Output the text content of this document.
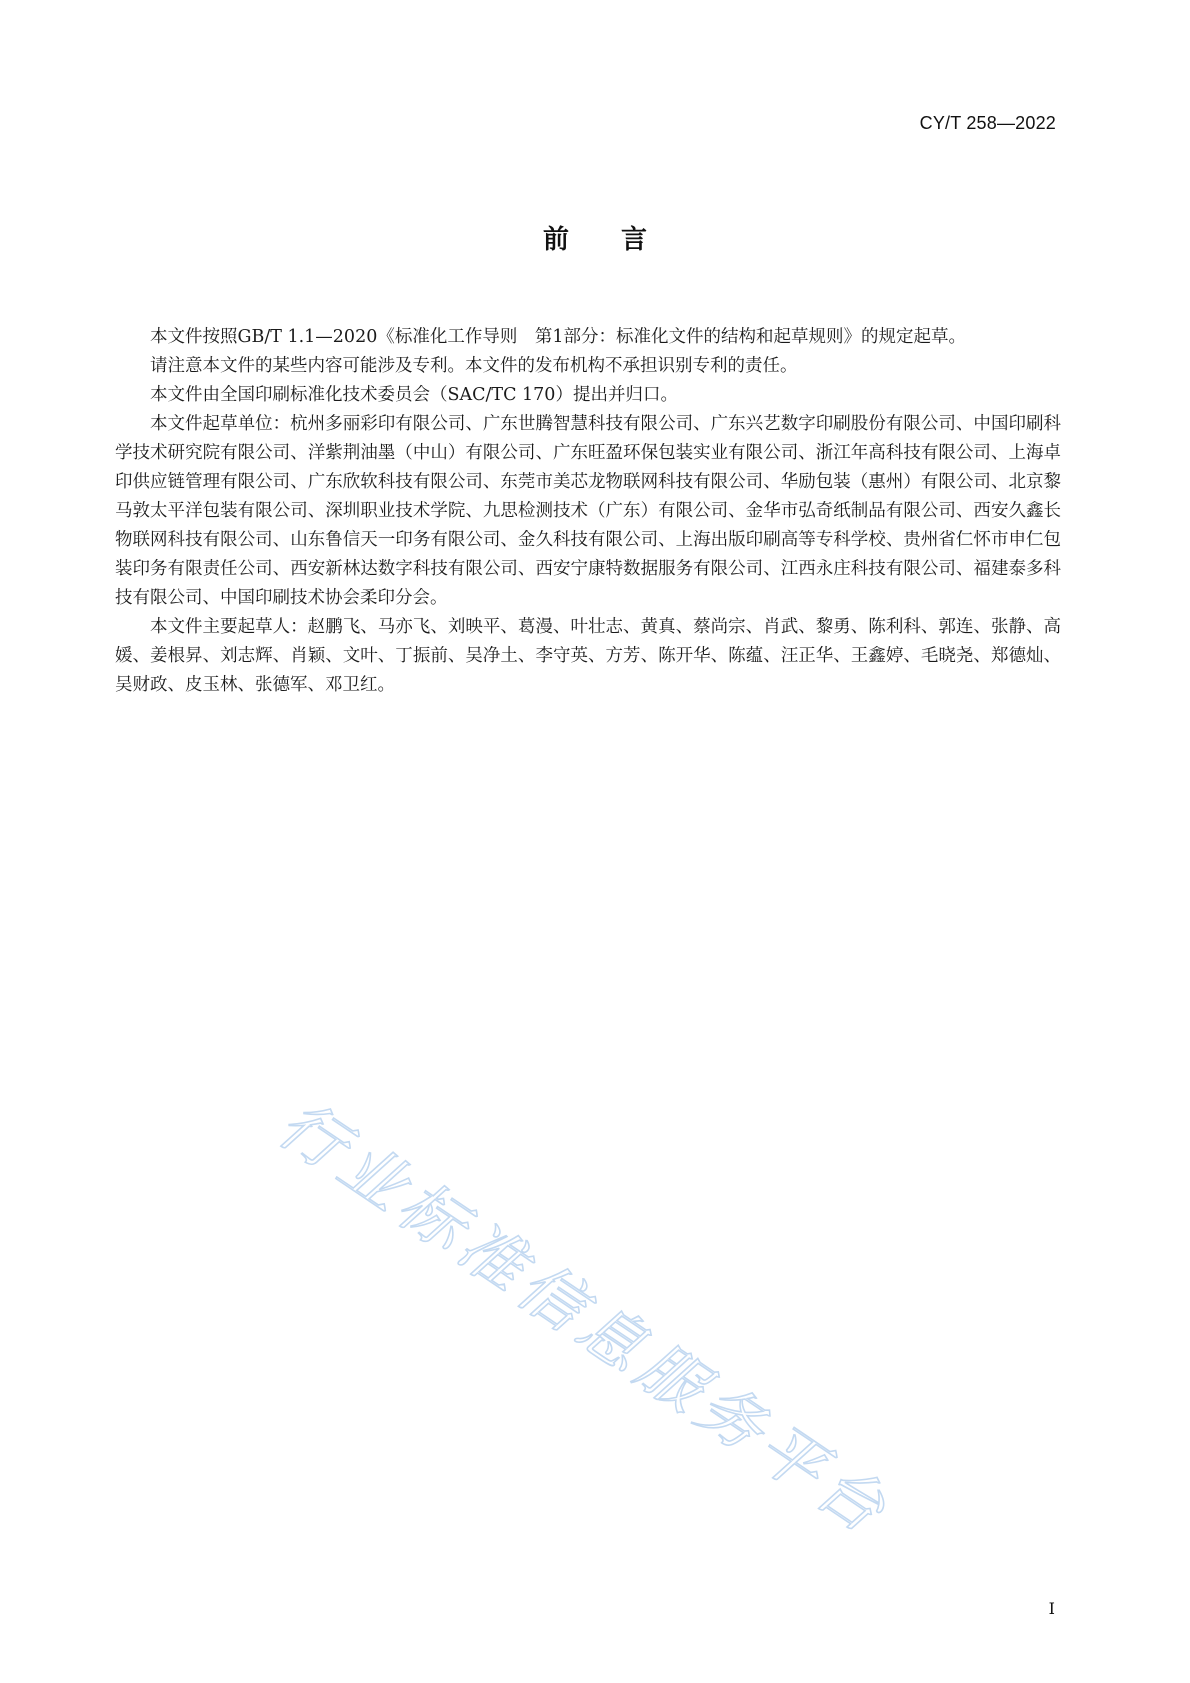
CY/T 258—2022
前言

本文件按照GB/T 1.1—2020《标准化工作导则　第1部分：标准化文件的结构和起草规则》的规定起草。

请注意本文件的某些内容可能涉及专利。本文件的发布机构不承担识别专利的责任。

本文件由全国印刷标准化技术委员会（SAC/TC 170）提出并归口。

本文件起草单位：杭州多丽彩印有限公司、广东世腾智慧科技有限公司、广东兴艺数字印刷股份有限公司、中国印刷科学技术研究院有限公司、洋紫荆油墨（中山）有限公司、广东旺盈环保包装实业有限公司、浙江年高科技有限公司、上海卓印供应链管理有限公司、广东欣软科技有限公司、东莞市美芯龙物联网科技有限公司、华励包装（惠州）有限公司、北京黎马敦太平洋包装有限公司、深圳职业技术学院、九思检测技术（广东）有限公司、金华市弘奇纸制品有限公司、西安久鑫长物联网科技有限公司、山东鲁信天一印务有限公司、金久科技有限公司、上海出版印刷高等专科学校、贵州省仁怀市申仁包装印务有限责任公司、西安新林达数字科技有限公司、西安宁康特数据服务有限公司、江西永庄科技有限公司、福建泰多科技有限公司、中国印刷技术协会柔印分会。

本文件主要起草人：赵鹏飞、马亦飞、刘映平、葛漫、叶壮志、黄真、蔡尚宗、肖武、黎勇、陈利科、郭连、张静、高媛、姜根昇、刘志辉、肖颖、文叶、丁振前、吴净土、李守英、方芳、陈开华、陈蕴、汪正华、王鑫婷、毛晓尧、郑德灿、吴财政、皮玉林、张德军、邓卫红。

行业标准信息服务平台
I
